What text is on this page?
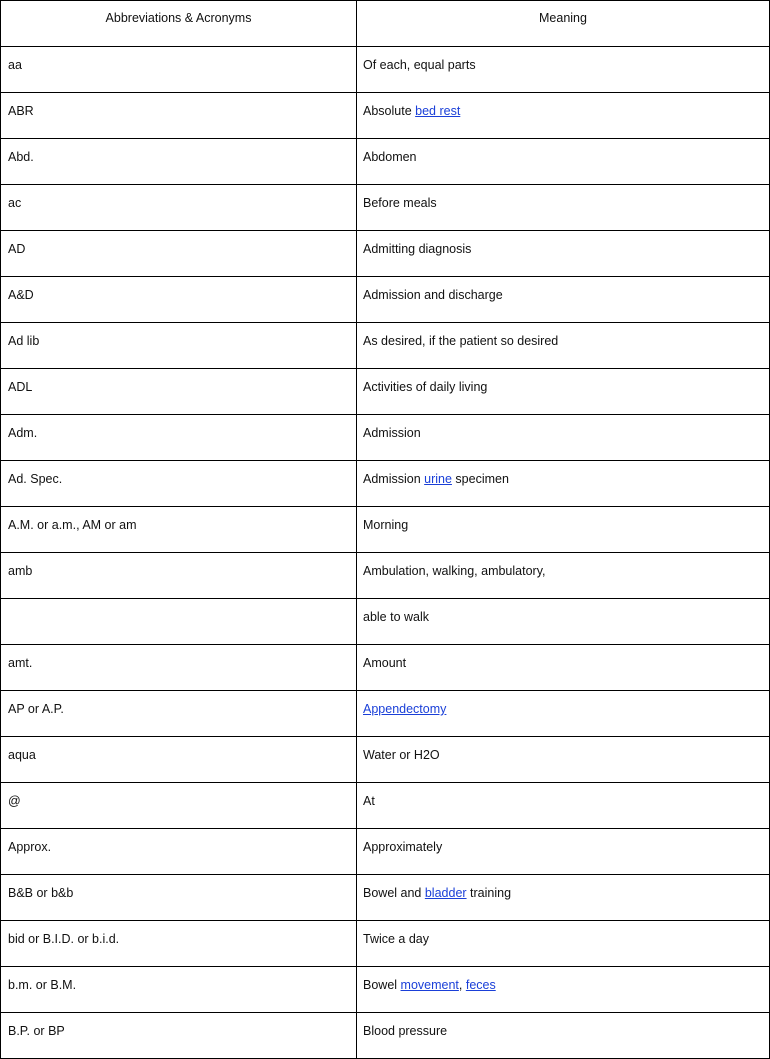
Abbreviations & Acronyms	Meaning
aa	Of each, equal parts
ABR	Absolute bed rest
Abd.	Abdomen
ac	Before meals
AD	Admitting diagnosis
A&D	Admission and discharge
Ad lib	As desired, if the patient so desired
ADL	Activities of daily living
Adm.	Admission
Ad. Spec.	Admission urine specimen
A.M. or a.m., AM or am	Morning
amb	Ambulation, walking, ambulatory,
	able to walk
amt.	Amount
AP or A.P.	Appendectomy
aqua	Water or H2O
@	At
Approx.	Approximately
B&B or b&b	Bowel and bladder training
bid or B.I.D. or b.i.d.	Twice a day
b.m. or B.M.	Bowel movement, feces
B.P. or BP	Blood pressure
